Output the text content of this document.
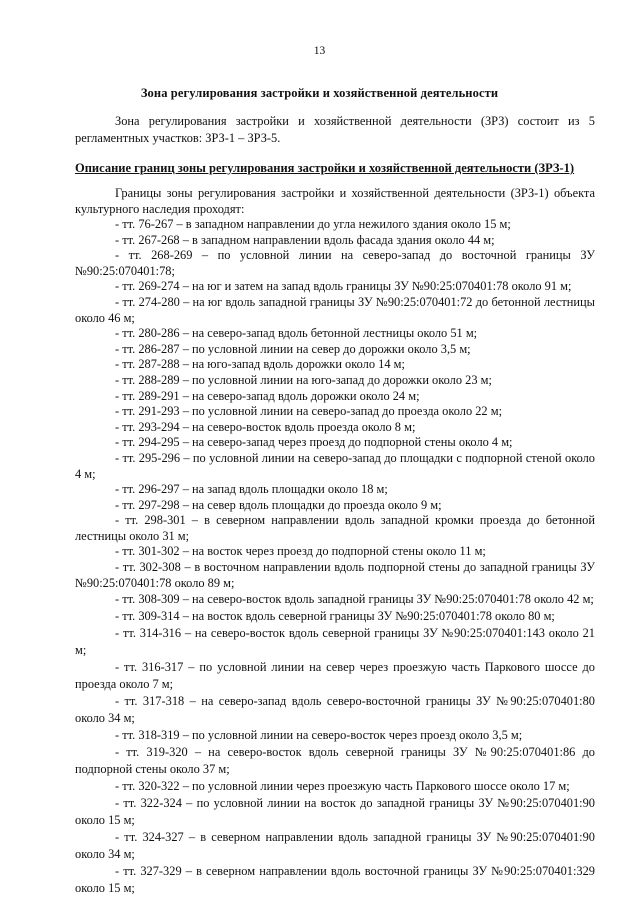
13
Зона регулирования застройки и хозяйственной деятельности
Зона регулирования застройки и хозяйственной деятельности (ЗРЗ) состоит из 5 регламентных участков: ЗРЗ-1 – ЗРЗ-5.
Описание границ зоны регулирования застройки и хозяйственной деятельности (ЗРЗ-1)
Границы зоны регулирования застройки и хозяйственной деятельности (ЗРЗ-1) объекта культурного наследия проходят:
- тт. 76-267 – в западном направлении до угла нежилого здания около 15 м;
- тт. 267-268 – в западном направлении вдоль фасада здания около 44 м;
- тт. 268-269 – по условной линии на северо-запад до восточной границы ЗУ №90:25:070401:78;
- тт. 269-274 – на юг и затем на запад вдоль границы ЗУ №90:25:070401:78 около 91 м;
- тт. 274-280 – на юг вдоль западной границы ЗУ №90:25:070401:72 до бетонной лестницы около 46 м;
- тт. 280-286 – на северо-запад вдоль бетонной лестницы около 51 м;
- тт. 286-287 – по условной линии на север до дорожки около 3,5 м;
- тт. 287-288 – на юго-запад вдоль дорожки около 14 м;
- тт. 288-289 – по условной линии на юго-запад до дорожки около 23 м;
- тт. 289-291 – на северо-запад вдоль дорожки около 24 м;
- тт. 291-293 – по условной линии на северо-запад до проезда около 22 м;
- тт. 293-294 – на северо-восток вдоль проезда около 8 м;
- тт. 294-295 – на северо-запад через проезд до подпорной стены около 4 м;
- тт. 295-296 – по условной линии на северо-запад до площадки с подпорной стеной около 4 м;
- тт. 296-297 – на запад вдоль площадки около 18 м;
- тт. 297-298 – на север вдоль площадки до проезда около 9 м;
- тт. 298-301 – в северном направлении вдоль западной кромки проезда до бетонной лестницы около 31 м;
- тт. 301-302 – на восток через проезд до подпорной стены около 11 м;
- тт. 302-308 – в восточном направлении вдоль подпорной стены до западной границы ЗУ №90:25:070401:78 около 89 м;
- тт. 308-309 – на северо-восток вдоль западной границы ЗУ №90:25:070401:78 около 42 м;
- тт. 309-314 – на восток вдоль северной границы ЗУ №90:25:070401:78 около 80 м;
- тт. 314-316 – на северо-восток вдоль северной границы ЗУ №90:25:070401:143 около 21 м;
- тт. 316-317 – по условной линии на север через проезжую часть Паркового шоссе до проезда около 7 м;
- тт. 317-318 – на северо-запад вдоль северо-восточной границы ЗУ №90:25:070401:80 около 34 м;
- тт. 318-319 – по условной линии на северо-восток через проезд около 3,5 м;
- тт. 319-320 – на северо-восток вдоль северной границы ЗУ №90:25:070401:86 до подпорной стены около 37 м;
- тт. 320-322 – по условной линии через проезжую часть Паркового шоссе около 17 м;
- тт. 322-324 – по условной линии на восток до западной границы ЗУ №90:25:070401:90 около 15 м;
- тт. 324-327 – в северном направлении вдоль западной границы ЗУ №90:25:070401:90 около 34 м;
- тт. 327-329 – в северном направлении вдоль восточной границы ЗУ №90:25:070401:329 около 15 м;
